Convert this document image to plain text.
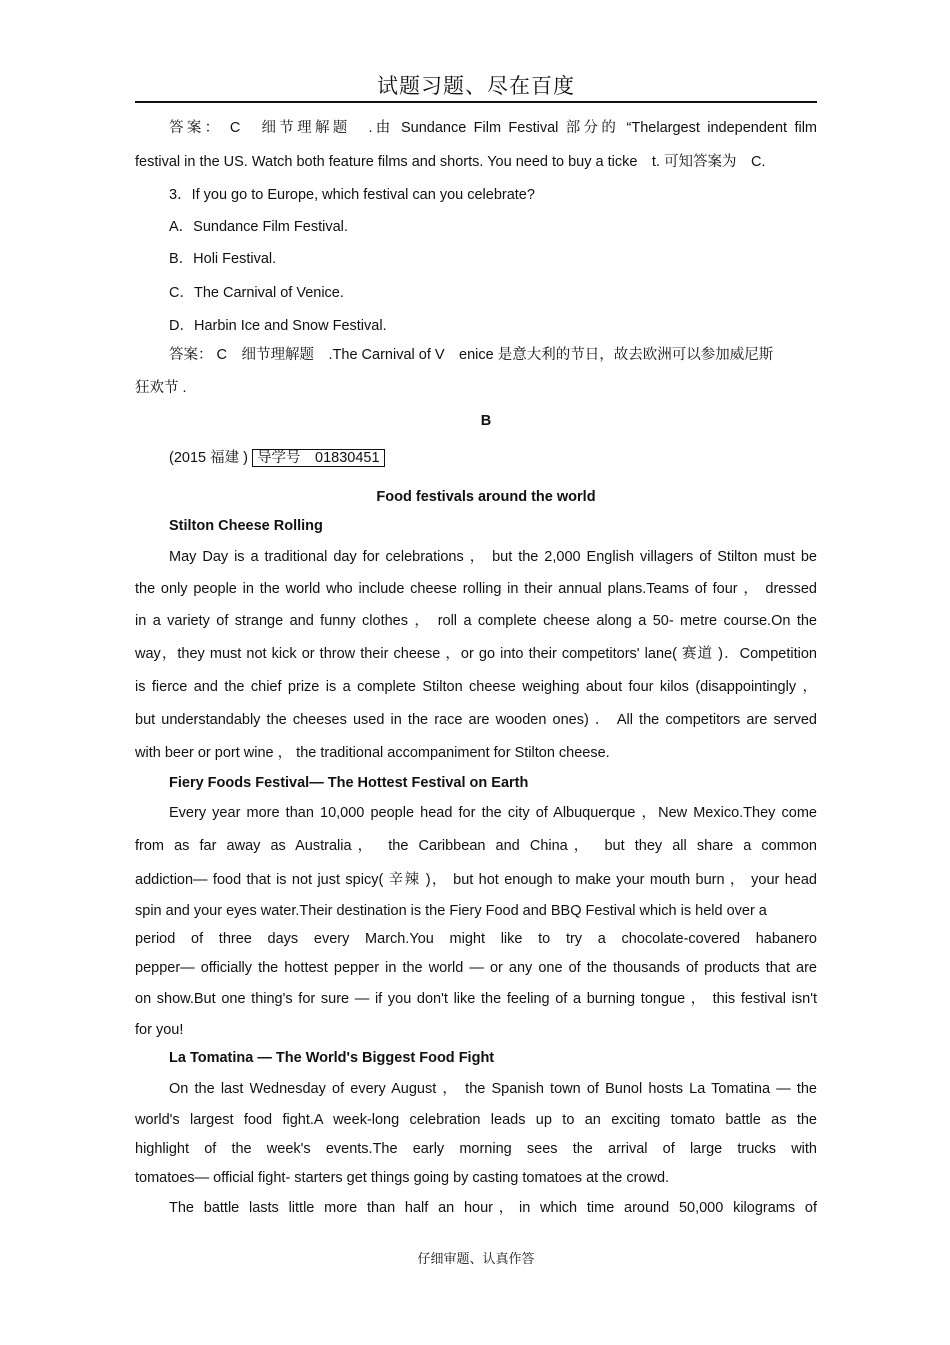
试题习题、尽在百度
答案： C　细节理解题　.由 Sundance Film Festival 部分的 “Thelargest independent film
festival in the US. Watch both feature films and shorts. You need to buy a ticke　t. 可知答案为　C.
3．If you go to Europe, which festival can you celebrate?
A．Sundance Film Festival.
B．Holi Festival.
C．The Carnival of Venice.
D．Harbin Ice and Snow Festival.
答案： C　细节理解题　.The Carnival of V　enice 是意大利的节日，故去欧洲可以参加威尼斯
狂欢节 .
B
(2015 福建 ) 导学号　01830451
Food festivals around the world
Stilton Cheese Rolling
May Day is a traditional day for celebrations ， but the 2,000 English villagers of Stilton must be
the only people in the world who include cheese rolling in their annual plans.Teams of four ， dressed
in a variety of strange and funny clothes ， roll a complete cheese along a 50- metre course.On the
way，they must not kick or throw their cheese ，or go into their competitors' lane( 赛道 )．Competition
is fierce and the chief prize is a complete Stilton cheese weighing about four kilos (disappointingly ，
but understandably the cheeses used in the race are wooden ones) ． All the competitors are served
with beer or port wine ， the traditional accompaniment for Stilton cheese.
Fiery Foods Festival— The Hottest Festival on Earth
Every year more than 10,000 people head for the city of Albuquerque ，New Mexico.They come
from as far away as Australia， the Caribbean and China， but they all share a common
addiction— food that is not just spicy( 辛辣 )， but hot enough to make your mouth burn ， your head
spin and your eyes water.Their destination is the Fiery Food and BBQ Festival which is held over a
period of three days every March.You might like to try a chocolate-covered habanero
pepper— officially the hottest pepper in the world — or any one of the thousands of products that are
on show.But one thing's for sure — if you don't like the feeling of a burning tongue ， this festival isn't
for you!
La Tomatina — The World's Biggest Food Fight
On the last Wednesday of every August ， the Spanish town of Bunol hosts La Tomatina — the
world's largest food fight.A week-long celebration leads up to an exciting tomato battle as the
highlight of the week's events.The early morning sees the arrival of large trucks with
tomatoes— official fight- starters get things going by casting tomatoes at the crowd.
The battle lasts little more than half an hour，in which time around 50,000 kilograms of
仔细审题、认真作答
